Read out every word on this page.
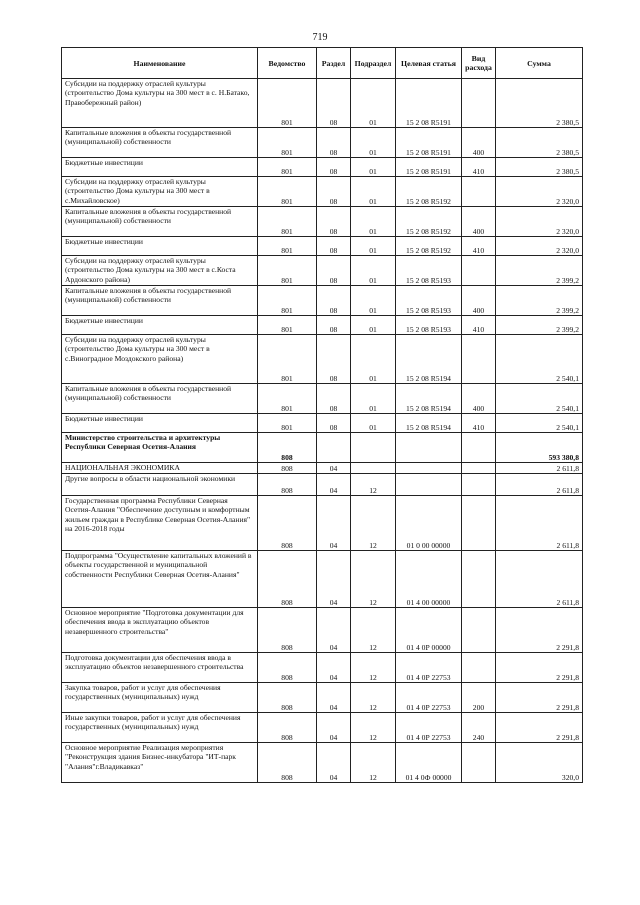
719
Наименование	Ведомство	Раздел	Подраздел	Целевая статья	Вид расхода	Сумма
Субсидии на поддержку отраслей культуры (строительство Дома культуры на 300 мест в с. Н.Батако, Правобережный район)	801	08	01	15 2 08 R5191		2 380,5
Капитальные вложения в объекты государственной (муниципальной) собственности	801	08	01	15 2 08 R5191	400	2 380,5
Бюджетные инвестиции	801	08	01	15 2 08 R5191	410	2 380,5
Субсидии на поддержку отраслей культуры (строительство Дома культуры на 300 мест в с.Михайловское)	801	08	01	15 2 08 R5192		2 320,0
Капитальные вложения в объекты государственной (муниципальной) собственности	801	08	01	15 2 08 R5192	400	2 320,0
Бюджетные инвестиции	801	08	01	15 2 08 R5192	410	2 320,0
Субсидии на поддержку отраслей культуры (строительство Дома культуры на 300 мест в с.Коста Ардонского района)	801	08	01	15 2 08 R5193		2 399,2
Капитальные вложения в объекты государственной (муниципальной) собственности	801	08	01	15 2 08 R5193	400	2 399,2
Бюджетные инвестиции	801	08	01	15 2 08 R5193	410	2 399,2
Субсидии на поддержку отраслей культуры (строительство Дома культуры на 300 мест в с.Виноградное Моздокского района)	801	08	01	15 2 08 R5194		2 540,1
Капитальные вложения в объекты государственной (муниципальной) собственности	801	08	01	15 2 08 R5194	400	2 540,1
Бюджетные инвестиции	801	08	01	15 2 08 R5194	410	2 540,1
Министерство строительства и архитектуры Республики Северная Осетия-Алания	808					593 380,8
НАЦИОНАЛЬНАЯ ЭКОНОМИКА	808	04				2 611,8
Другие вопросы в области национальной экономики	808	04	12			2 611,8
Государственная программа Республики Северная Осетия-Алания "Обеспечение доступным и комфортным жильем граждан в Республике Северная Осетия-Алания" на 2016-2018 годы	808	04	12	01 0 00 00000		2 611,8
Подпрограмма "Осуществление капитальных вложений в объекты государственной и муниципальной собственности Республики Северная Осетия-Алания"	808	04	12	01 4 00 00000		2 611,8
Основное мероприятие "Подготовка документации для обеспечения ввода в эксплуатацию объектов незавершенного строительства"	808	04	12	01 4 0Р 00000		2 291,8
Подготовка документации для обеспечения ввода в эксплуатацию объектов незавершенного строительства	808	04	12	01 4 0Р 22753		2 291,8
Закупка товаров, работ и услуг для обеспечения государственных (муниципальных) нужд	808	04	12	01 4 0Р 22753	200	2 291,8
Иные закупки товаров, работ и услуг для обеспечения государственных (муниципальных) нужд	808	04	12	01 4 0Р 22753	240	2 291,8
Основное мероприятие Реализация мероприятия "Реконструкция здания Бизнес-инкубатора "ИТ-парк "Алания"г.Владикавказ"	808	04	12	01 4 0Ф 00000		320,0
